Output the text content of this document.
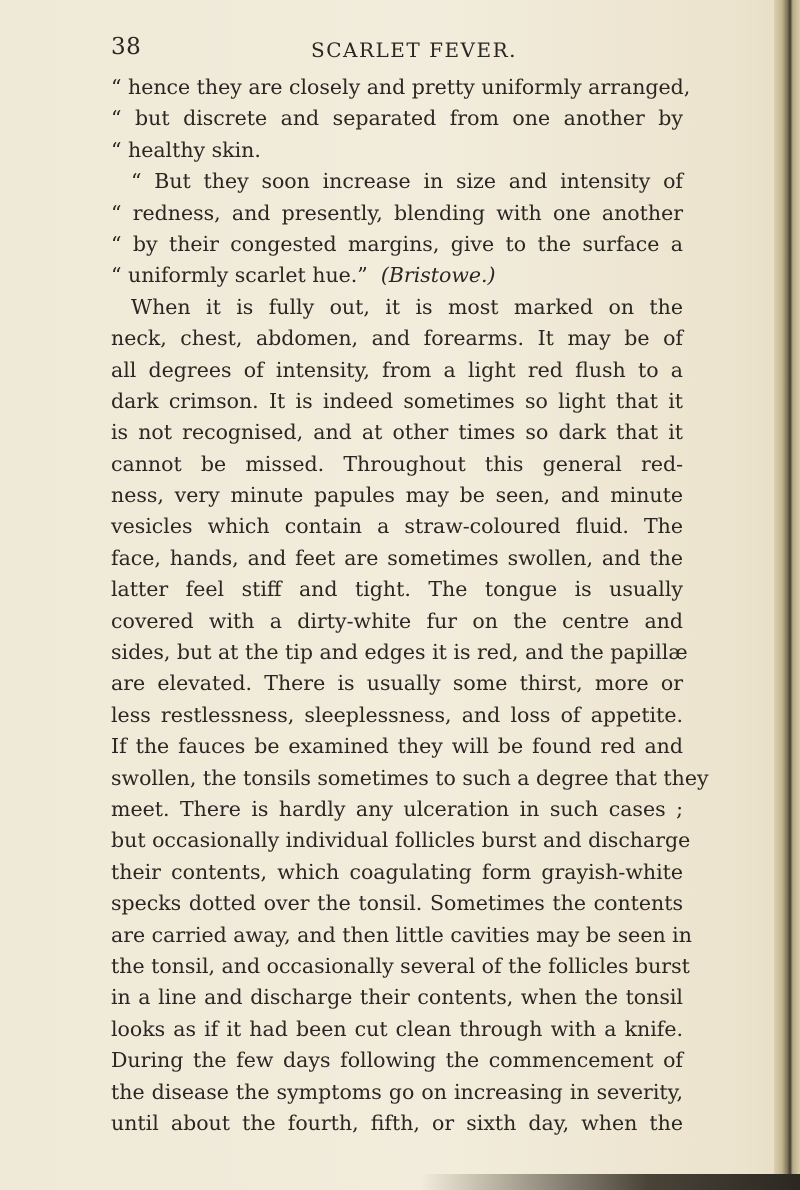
38	SCARLET FEVER.
“ hence they are closely and pretty uniformly arranged,
“ but discrete and separated from one another by
“ healthy skin.
“ But they soon increase in size and intensity of
“ redness, and presently, blending with one another
“ by their congested margins, give to the surface a
“ uniformly scarlet hue.” (Bristowe.)
When it is fully out, it is most marked on the
neck, chest, abdomen, and forearms. It may be of
all degrees of intensity, from a light red flush to a
dark crimson. It is indeed sometimes so light that it
is not recognised, and at other times so dark that it
cannot be missed. Throughout this general red-
ness, very minute papules may be seen, and minute
vesicles which contain a straw-coloured fluid. The
face, hands, and feet are sometimes swollen, and the
latter feel stiff and tight. The tongue is usually
covered with a dirty-white fur on the centre and
sides, but at the tip and edges it is red, and the papillæ
are elevated. There is usually some thirst, more or
less restlessness, sleeplessness, and loss of appetite.
If the fauces be examined they will be found red and
swollen, the tonsils sometimes to such a degree that they
meet. There is hardly any ulceration in such cases ;
but occasionally individual follicles burst and discharge
their contents, which coagulating form grayish-white
specks dotted over the tonsil. Sometimes the contents
are carried away, and then little cavities may be seen in
the tonsil, and occasionally several of the follicles burst
in a line and discharge their contents, when the tonsil
looks as if it had been cut clean through with a knife.
During the few days following the commencement of
the disease the symptoms go on increasing in severity,
until about the fourth, fifth, or sixth day, when the
